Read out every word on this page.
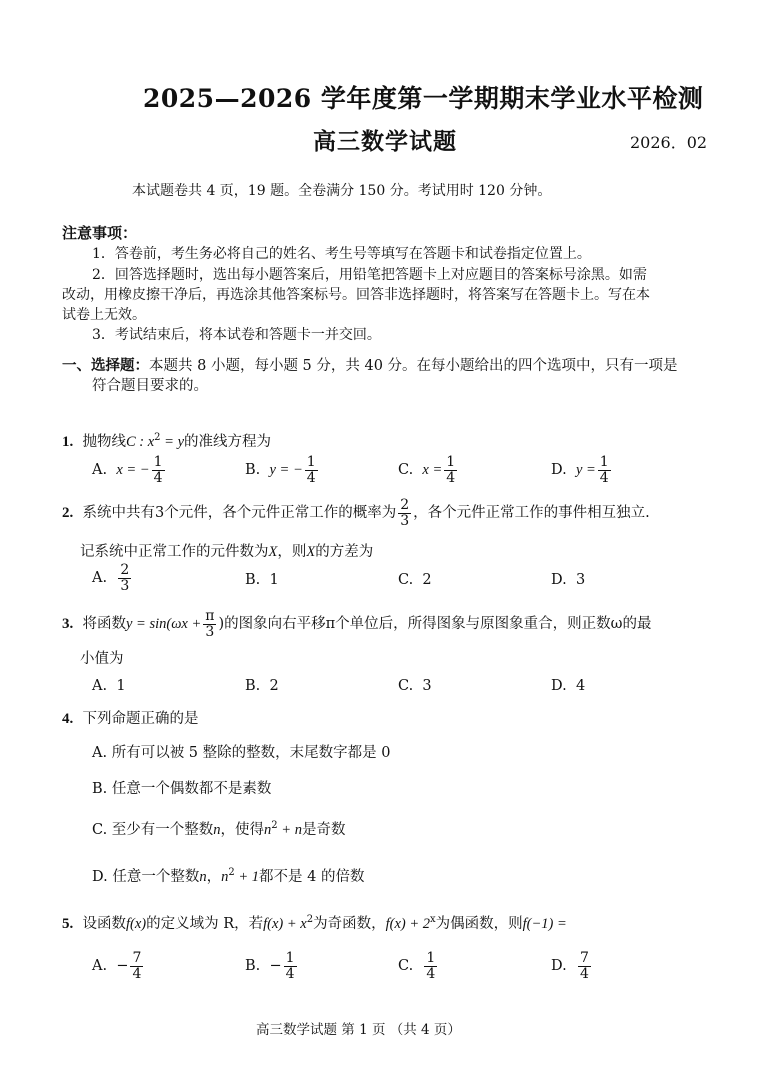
2025—2026 学年度第一学期期末学业水平检测
高三数学试题	2026．02
本试题卷共 4 页，19 题。全卷满分 150 分。考试用时 120 分钟。
注意事项：
1．答卷前，考生务必将自己的姓名、考生号等填写在答题卡和试卷指定位置上。
2．回答选择题时，选出每小题答案后，用铅笔把答题卡上对应题目的答案标号涂黑。如需
改动，用橡皮擦干净后，再选涂其他答案标号。回答非选择题时，将答案写在答题卡上。写在本
试卷上无效。
3．考试结束后，将本试卷和答题卡一并交回。
一、选择题：本题共 8 小题，每小题 5 分，共 40 分。在每小题给出的四个选项中，只有一项是
符合题目要求的。
1. 抛物线C : $x^2 = y$的准线方程为
A. x = − $\frac{1}{4}$	B. y = − $\frac{1}{4}$	C. $x = \frac{1}{4}$	D. $y = \frac{1}{4}$
2. 系统中共有3个元件，各个元件正常工作的概率为 $\frac{2}{3}$ ，各个元件正常工作的事件相互独立.
记系统中正常工作的元件数为X，则X的方差为
A. $\frac{2}{3}$	B. 1	C. 2	D. 3
3. 将函数$y = \sin(\omega x + \frac{\pi}{3}$ )的图象向右平移π个单位后，所得图象与原图象重合，则正数ω的最
小值为
A. 1	B. 2	C. 3	D. 4
4. 下列命题正确的是
A. 所有可以被 5 整除的整数，末尾数字都是 0
B. 任意一个偶数都不是素数
C. 至少有一个整数n，使得$n^2 + n$是奇数
D. 任意一个整数n，$n^2 + 1$都不是 4 的倍数
5. 设函数f(x)的定义域为 R，若$f(x) + x^2$为奇函数，$f(x) + 2^x$为偶函数，则f(−1) =
A. − $\frac{7}{4}$	B. − $\frac{1}{4}$	C. $\frac{1}{4}$	D. $\frac{7}{4}$
高三数学试题 第 1 页 （共 4 页）
